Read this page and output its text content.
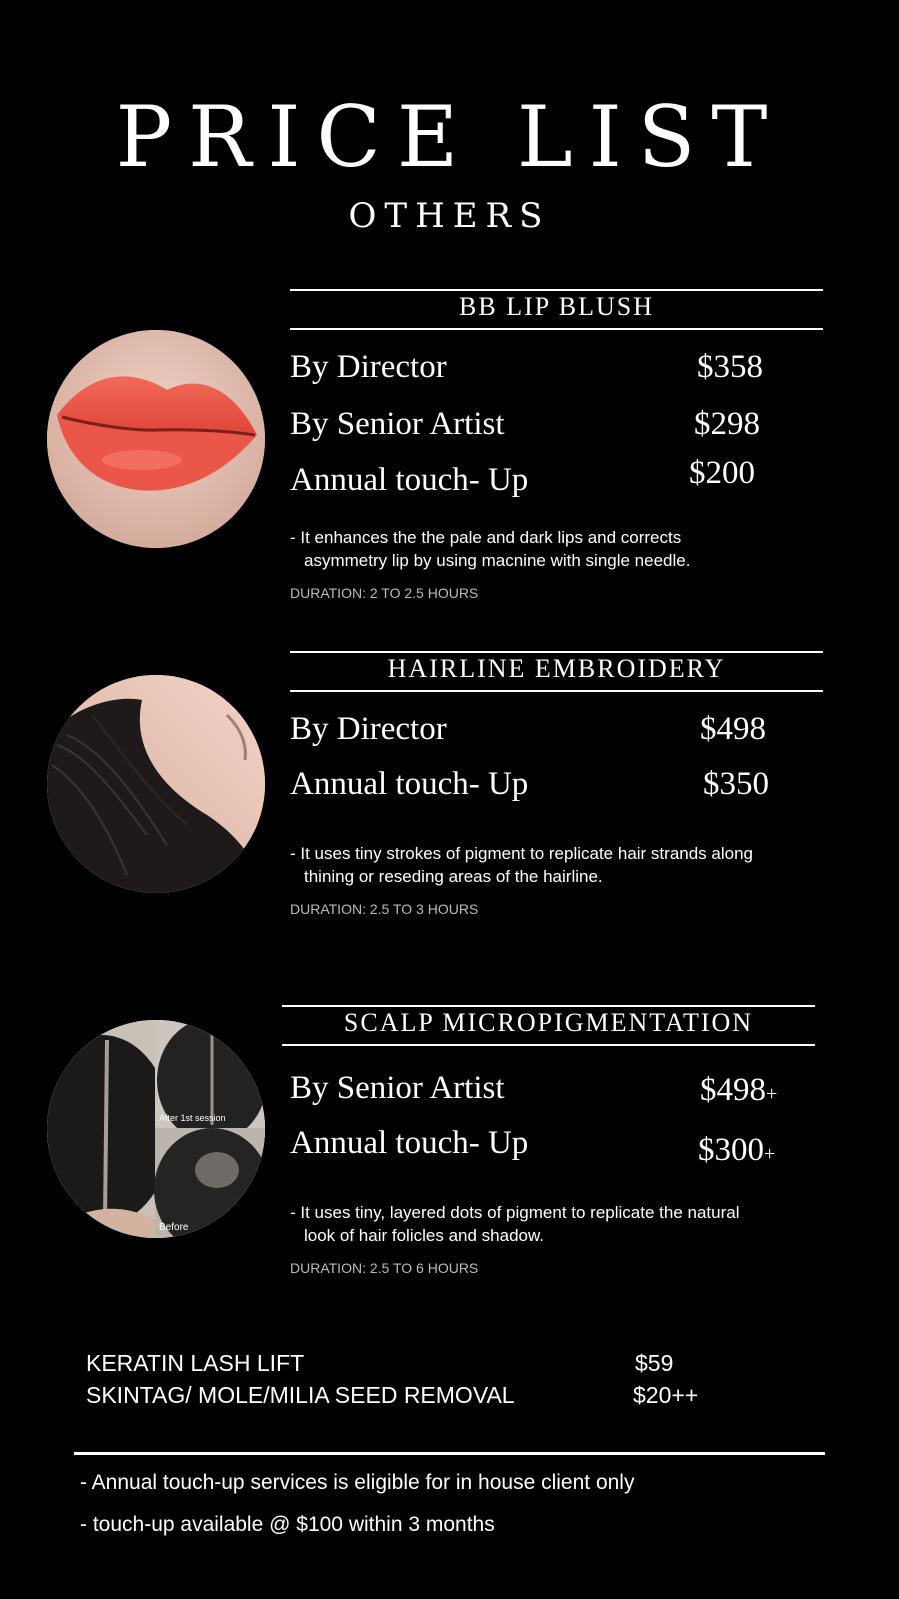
PRICE LIST
OTHERS
BB LIP BLUSH
By Director	$358
By Senior Artist	$298
Annual touch- Up	$200
- It enhances the the pale and dark lips and corrects
asymmetry lip by using macnine with single needle.
DURATION: 2 TO 2.5 HOURS
HAIRLINE EMBROIDERY
By Director	$498
Annual touch- Up	$350
- It uses tiny strokes of pigment to replicate hair strands along
thining or reseding areas of the hairline.
DURATION: 2.5 TO 3 HOURS
SCALP MICROPIGMENTATION
After 1st session
Before
By Senior Artist	$498+
Annual touch- Up	$300+
- It uses tiny, layered dots of pigment to replicate the natural
look of hair folicles and shadow.
DURATION: 2.5 TO 6 HOURS
KERATIN LASH LIFT	$59
SKINTAG/ MOLE/MILIA SEED REMOVAL	$20++
- Annual touch-up services is eligible for in house client only
- touch-up available @ $100 within 3 months
